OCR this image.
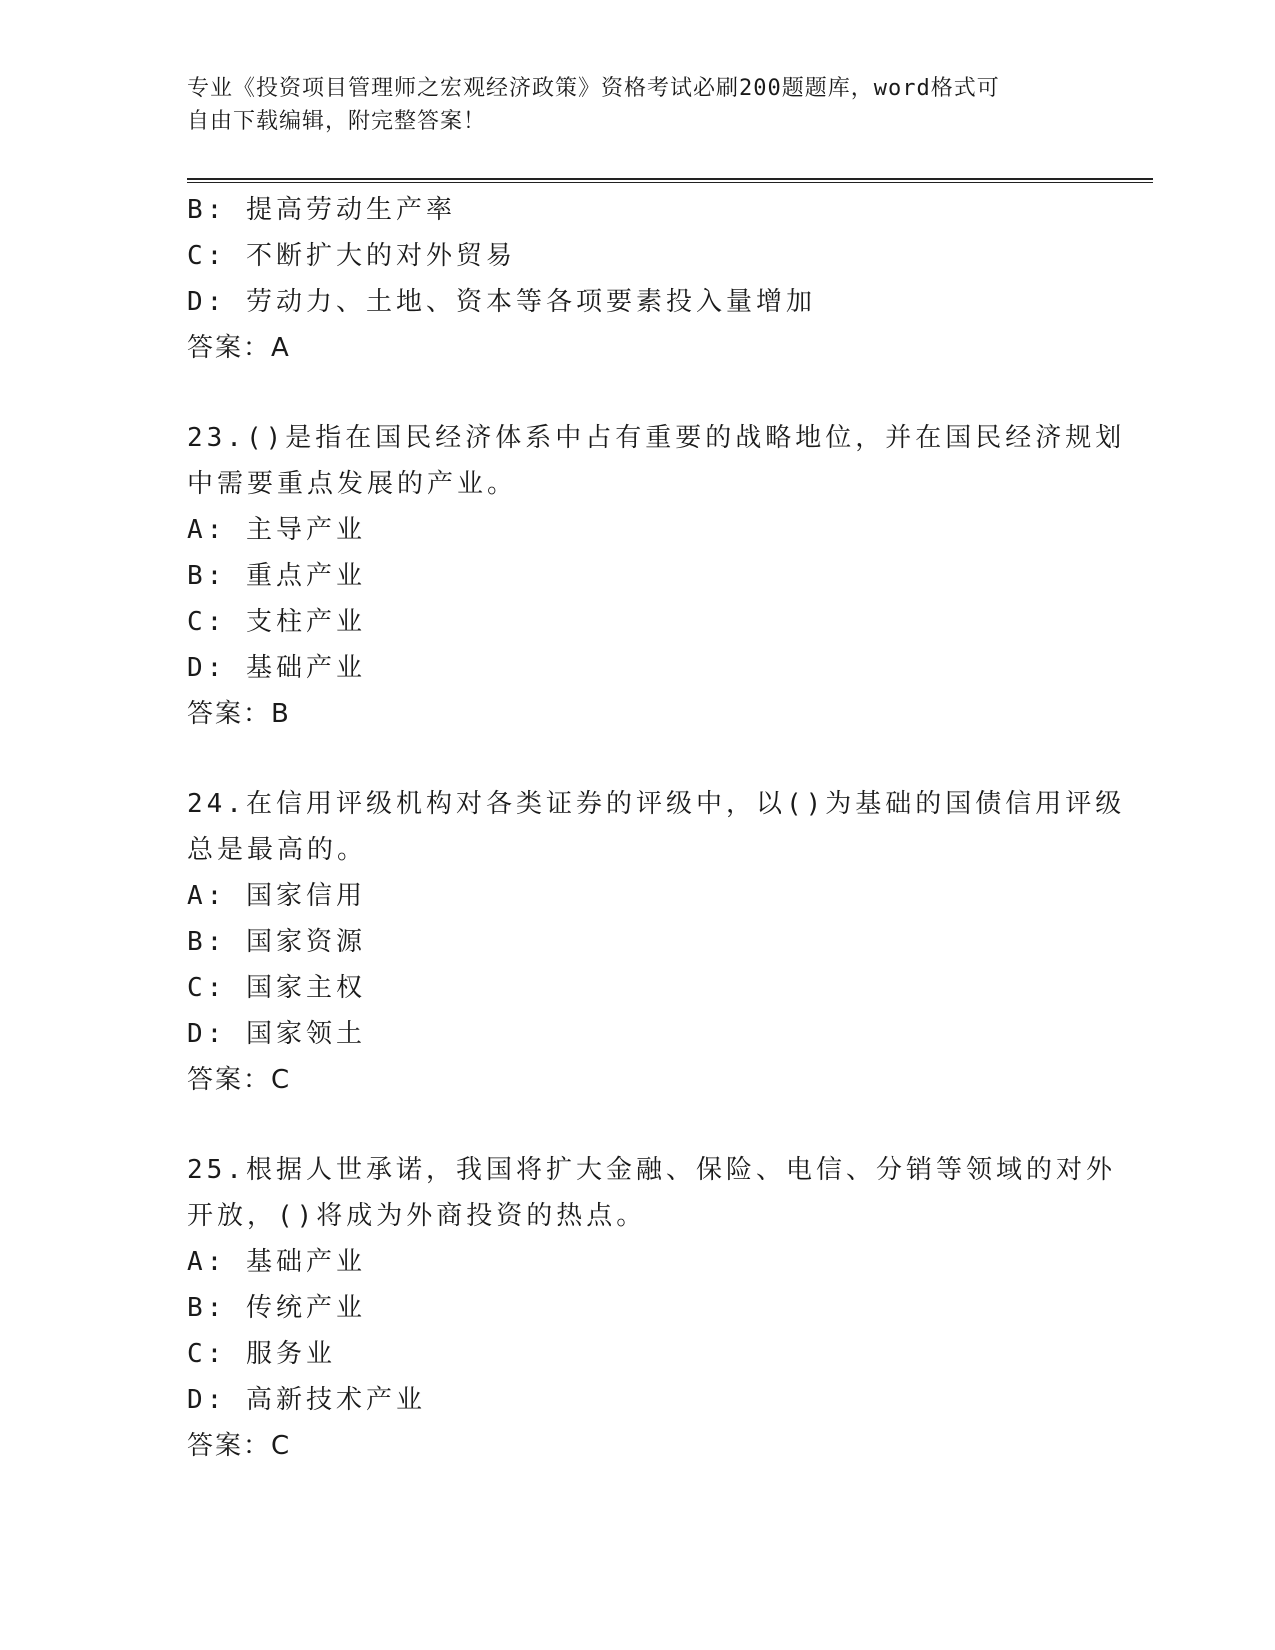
专业《投资项目管理师之宏观经济政策》资格考试必刷200题题库，word格式可
自由下载编辑，附完整答案！
B: 提高劳动生产率
C: 不断扩大的对外贸易
D: 劳动力、土地、资本等各项要素投入量增加
答案：A
23.()是指在国民经济体系中占有重要的战略地位，并在国民经济规划
中需要重点发展的产业。
A: 主导产业
B: 重点产业
C: 支柱产业
D: 基础产业
答案：B
24.在信用评级机构对各类证券的评级中，以()为基础的国债信用评级
总是最高的。
A: 国家信用
B: 国家资源
C: 国家主权
D: 国家领土
答案：C
25.根据人世承诺，我国将扩大金融、保险、电信、分销等领域的对外
开放，()将成为外商投资的热点。
A: 基础产业
B: 传统产业
C: 服务业
D: 高新技术产业
答案：C
